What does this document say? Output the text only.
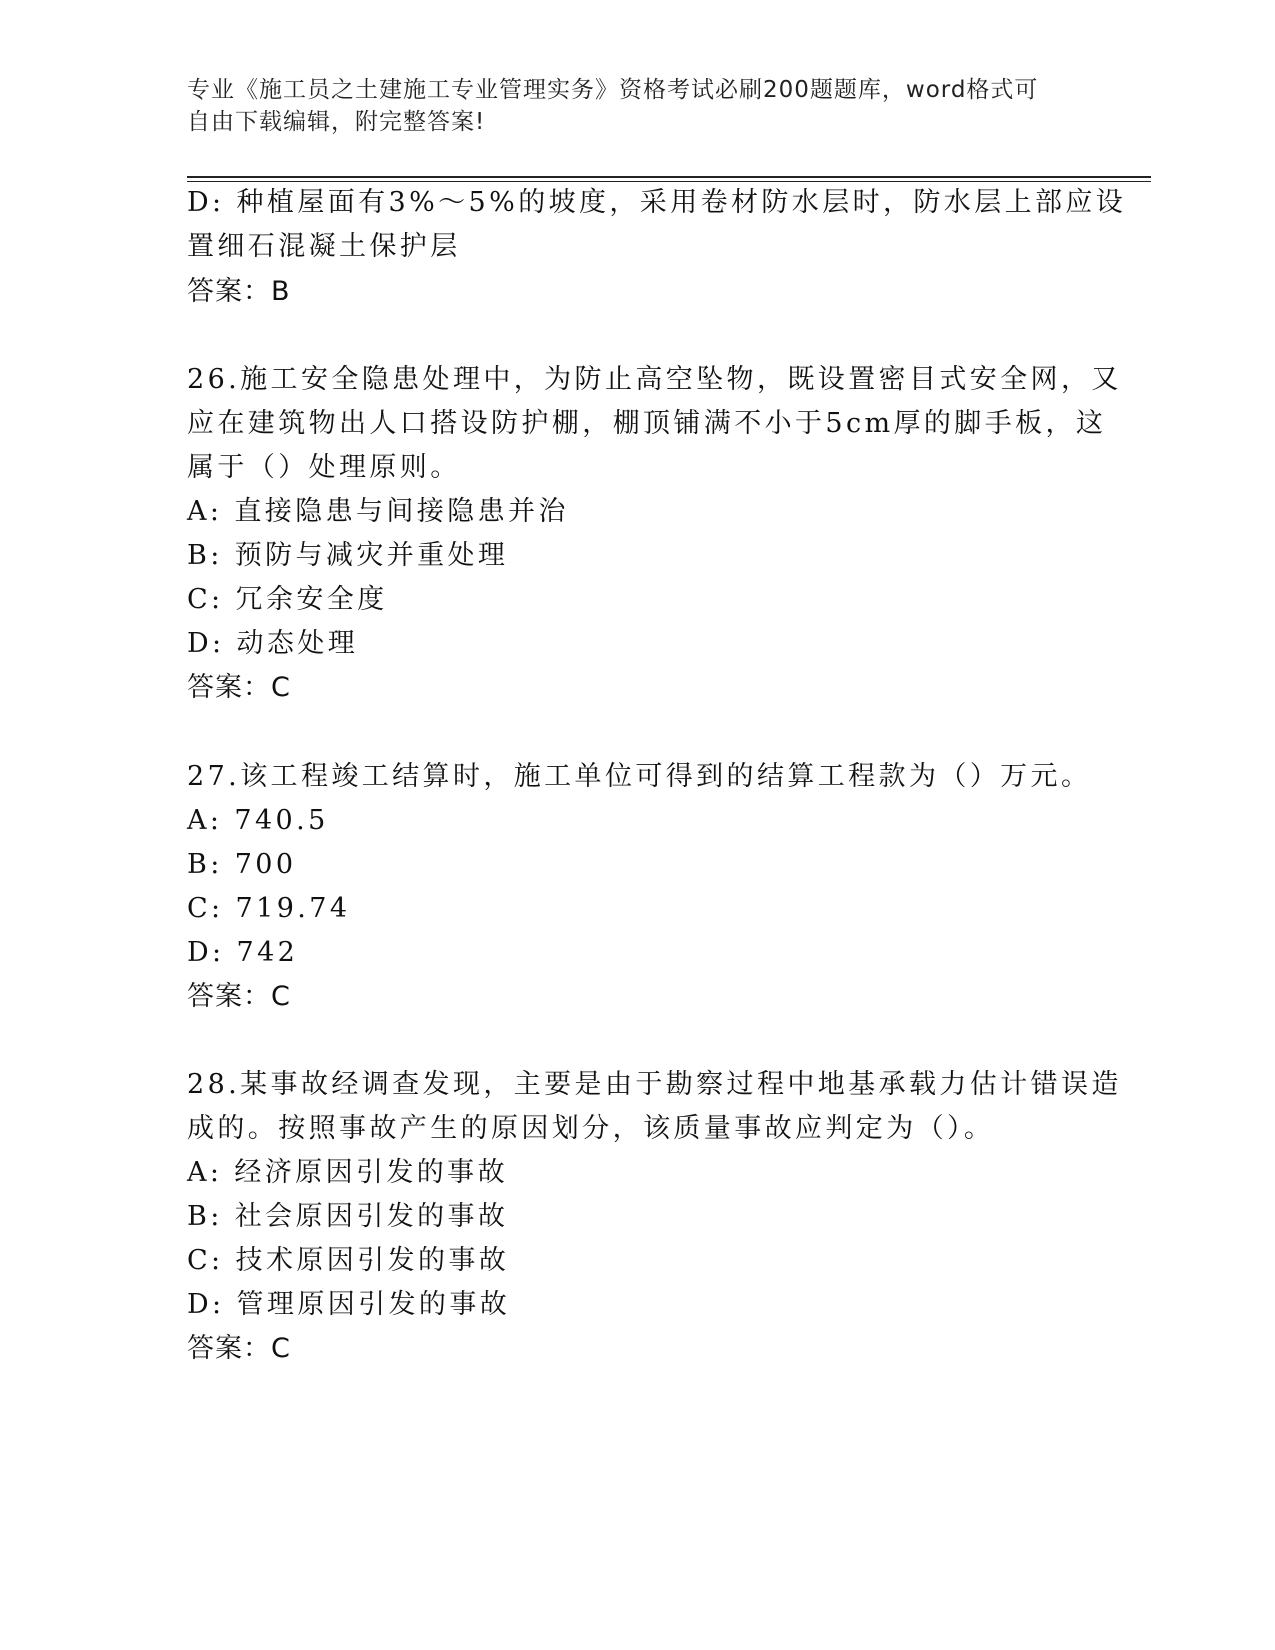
专业《施工员之土建施工专业管理实务》资格考试必刷200题题库，word格式可
自由下载编辑，附完整答案!
D: 种植屋面有3%～5%的坡度，采用卷材防水层时，防水层上部应设
置细石混凝土保护层
答案：B
26.施工安全隐患处理中，为防止高空坠物，既设置密目式安全网，又
应在建筑物出人口搭设防护棚，棚顶铺满不小于5cm厚的脚手板，这
属于（）处理原则。
A: 直接隐患与间接隐患并治
B: 预防与减灾并重处理
C: 冗余安全度
D: 动态处理
答案：C
27.该工程竣工结算时，施工单位可得到的结算工程款为（）万元。
A: 740.5
B: 700
C: 719.74
D: 742
答案：C
28.某事故经调查发现，主要是由于勘察过程中地基承载力估计错误造
成的。按照事故产生的原因划分，该质量事故应判定为（）。
A: 经济原因引发的事故
B: 社会原因引发的事故
C: 技术原因引发的事故
D: 管理原因引发的事故
答案：C
